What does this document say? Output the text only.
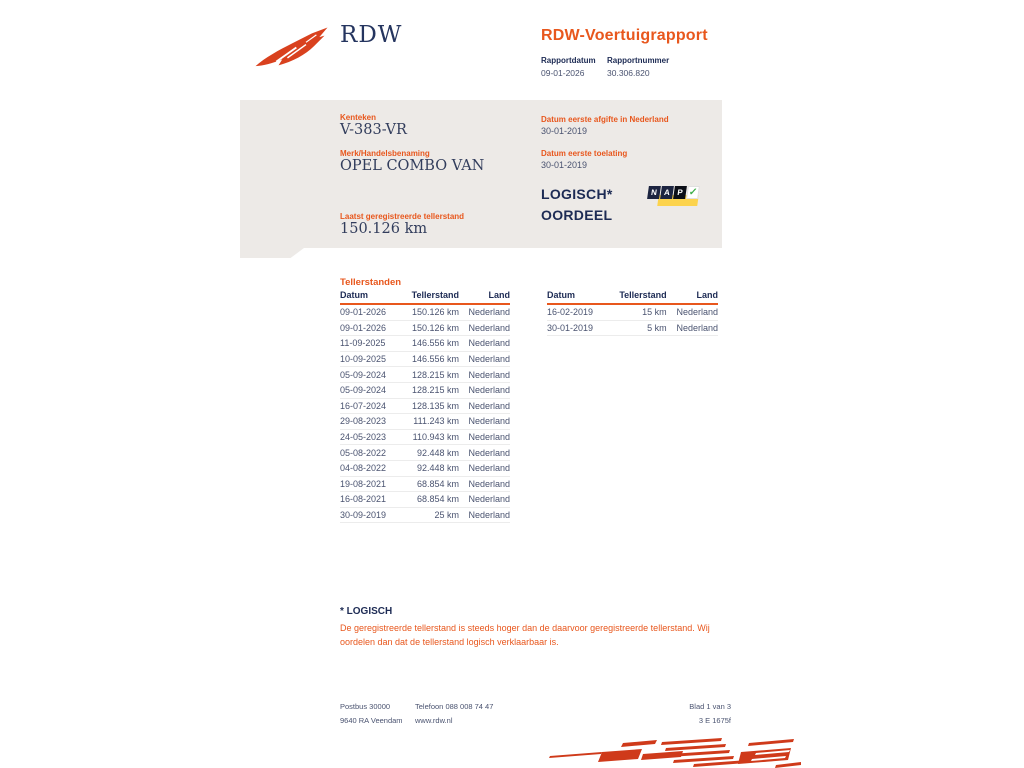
RDW	RDW-Voertuigrapport
Rapportdatum Rapportnummer
09-01-2026	30.306.820
Kenteken
V-383-VR
Merk/Handelsbenaming
OPEL COMBO VAN
Laatst geregistreerde tellerstand
150.126 km
Datum eerste afgifte in Nederland
30-01-2019
Datum eerste toelating
30-01-2019
LOGISCH*
OORDEEL
N A P ✓
Tellerstanden
Datum	Tellerstand	Land
09-01-2026	150.126 km	Nederland
09-01-2026	150.126 km	Nederland
11-09-2025	146.556 km	Nederland
10-09-2025	146.556 km	Nederland
05-09-2024	128.215 km	Nederland
05-09-2024	128.215 km	Nederland
16-07-2024	128.135 km	Nederland
29-08-2023	111.243 km	Nederland
24-05-2023	110.943 km	Nederland
05-08-2022	92.448 km	Nederland
04-08-2022	92.448 km	Nederland
19-08-2021	68.854 km	Nederland
16-08-2021	68.854 km	Nederland
30-09-2019	25 km	Nederland
Datum	Tellerstand	Land
16-02-2019	15 km	Nederland
30-01-2019	5 km	Nederland
* LOGISCH
De geregistreerde tellerstand is steeds hoger dan de daarvoor geregistreerde tellerstand. Wij oordelen dan dat de tellerstand logisch verklaarbaar is.
Postbus 30000
9640 RA Veendam
Telefoon 088 008 74 47
www.rdw.nl
Blad 1 van 3
3 E 1675f
